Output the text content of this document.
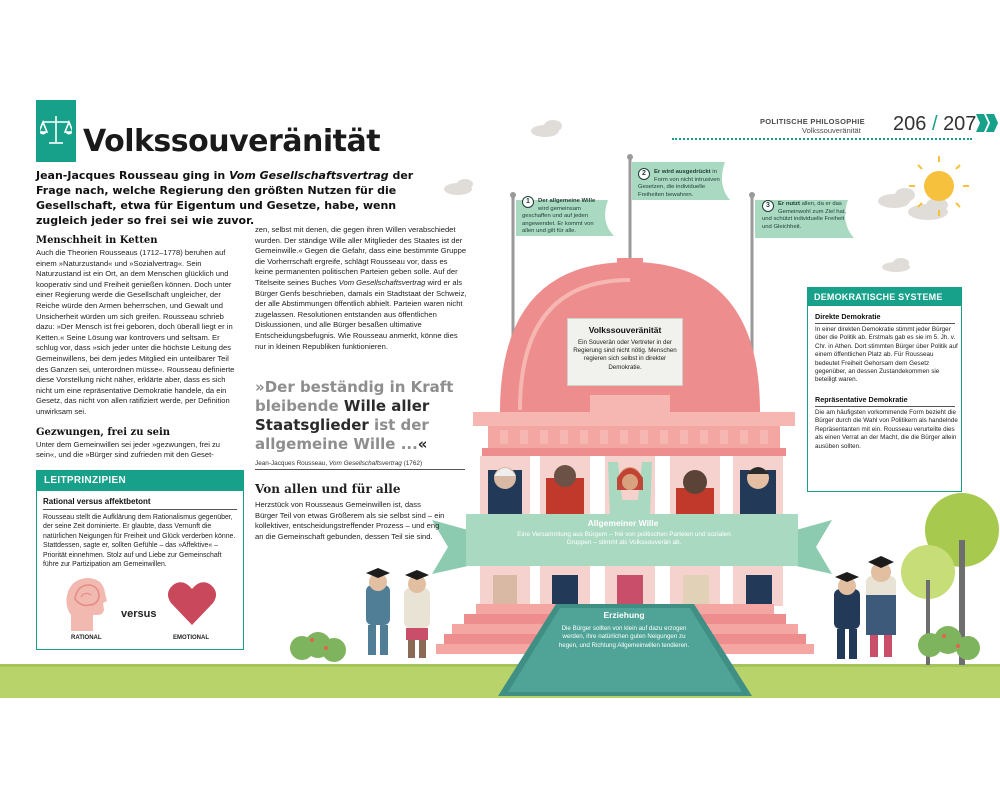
Volkssouveränität
Jean-Jacques Rousseau ging in Vom Gesellschaftsvertrag der Frage nach, welche Regierung den größten Nutzen für die Gesellschaft, etwa für Eigentum und Gesetze, habe, wenn zugleich jeder so frei sei wie zuvor.
Menschheit in Ketten
Auch die Theorien Rousseaus (1712–1778) beruhen auf einem »Naturzustand« und »Sozialvertrag«. Sein Naturzustand ist ein Ort, an dem Menschen glücklich und kooperativ sind und Freiheit genießen können. Doch unter einer Regierung werde die Gesellschaft ungleicher, der Reiche würde den Armen beherrschen, und Gewalt und Unsicherheit würden um sich greifen. Rousseau schrieb dazu: »Der Mensch ist frei geboren, doch überall liegt er in Ketten.« Seine Lösung war kontrovers und seltsam. Er schlug vor, dass »sich jeder unter die höchste Leitung des Gemeinwillens, bei dem jedes Mitglied ein unteilbarer Teil des Ganzen sei, unterordnen müsse«. Rousseau definierte diese Vorstellung nicht näher, erklärte aber, dass es sich nicht um eine repräsentative Demokratie handele, da ein Gesetz, das nicht von allen ratifiziert werde, per Definition unwirksam sei.
Gezwungen, frei zu sein
Unter dem Gemeinwillen sei jeder »gezwungen, frei zu sein«, und die »Bürger sind zufrieden mit den Geset-
zen, selbst mit denen, die gegen ihren Willen verabschiedet wurden. Der ständige Wille aller Mitglieder des Staates ist der Gemeinwille.« Gegen die Gefahr, dass eine bestimmte Gruppe die Vorherrschaft ergreife, schlägt Rousseau vor, dass es keine permanenten politischen Parteien geben solle. Auf der Titelseite seines Buches Vom Gesellschaftsvertrag wird er als Bürger Genfs beschrieben, damals ein Stadtstaat der Schweiz, der alle Abstimmungen öffentlich abhielt. Parteien waren nicht zugelassen. Resolutionen entstanden aus öffentlichen Diskussionen, und alle Bürger besaßen ultimative Entscheidungsbefugnis. Wie Rousseau anmerkt, könne dies nur in kleinen Republiken funktionieren.
»Der beständig in Kraft bleibende Wille aller Staatsglieder ist der allgemeine Wille ...«
Jean-Jacques Rousseau, Vom Gesellschaftsvertrag (1762)
Von allen und für alle
Herzstück von Rousseaus Gemeinwillen ist, dass Bürger Teil von etwas Größerem als sie selbst sind – ein kollektiver, entscheidungstreffender Prozess – und eng an die Gemeinschaft gebunden, dessen Teil sie sind.
LEITPRINZIPIEN
Rational versus affektbetont
Rousseau stellt die Aufklärung dem Rationalismus gegenüber, der seine Zeit dominierte. Er glaubte, dass Vernunft die natürlichen Neigungen für Freiheit und Glück verderben könne. Stattdessen, sagte er, sollten Gefühle – das »Affektive« – Priorität einnehmen. Stolz auf und Liebe zur Gemeinschaft führe zur Partizipation am Gemeinwillen.
versus
RATIONAL	EMOTIONAL
POLITISCHE PHILOSOPHIE
Volkssouveränität 206 / 207
1	Der allgemeine Wille wird gemeinsam geschaffen und auf jeden angewendet. Er kommt von allen und gilt für alle.
2	Er wird ausgedrückt in Form von nicht intrusiven Gesetzen, die individuelle Freiheiten bewahren.
3	Er nutzt allen, da er das Gemeinwohl zum Ziel hat, und schützt individuelle Freiheit und Gleichheit.
Volkssouveränität
Ein Souverän oder Vertreter in der Regierung sind nicht nötig. Menschen regieren sich selbst in direkter Demokratie.
Allgemeiner Wille
Eine Versammlung aus Bürgern – frei von politischen Parteien und sozialen Gruppen – stimmt als Volkssouverän ab.
Erziehung
Die Bürger sollten von klein auf dazu erzogen werden, ihre natürlichen guten Neigungen zu hegen, und Richtung Allgemeinwillen tendieren.
DEMOKRATISCHE SYSTEME
Direkte Demokratie
In einer direkten Demokratie stimmt jeder Bürger über die Politik ab. Erstmals gab es sie im 5. Jh. v. Chr. in Athen. Dort stimmten Bürger über Politik auf einem öffentlichen Platz ab. Für Rousseau bedeutet Freiheit Gehorsam dem Gesetz gegenüber, an dessen Zustandekommen sie beteiligt waren.
Repräsentative Demokratie
Die am häufigsten vorkommende Form bezieht die Bürger durch die Wahl von Politikern als handelnde Repräsentanten mit ein. Rousseau verurteilte dies als einen Verrat an der Macht, die die Bürger allein ausüben sollten.
